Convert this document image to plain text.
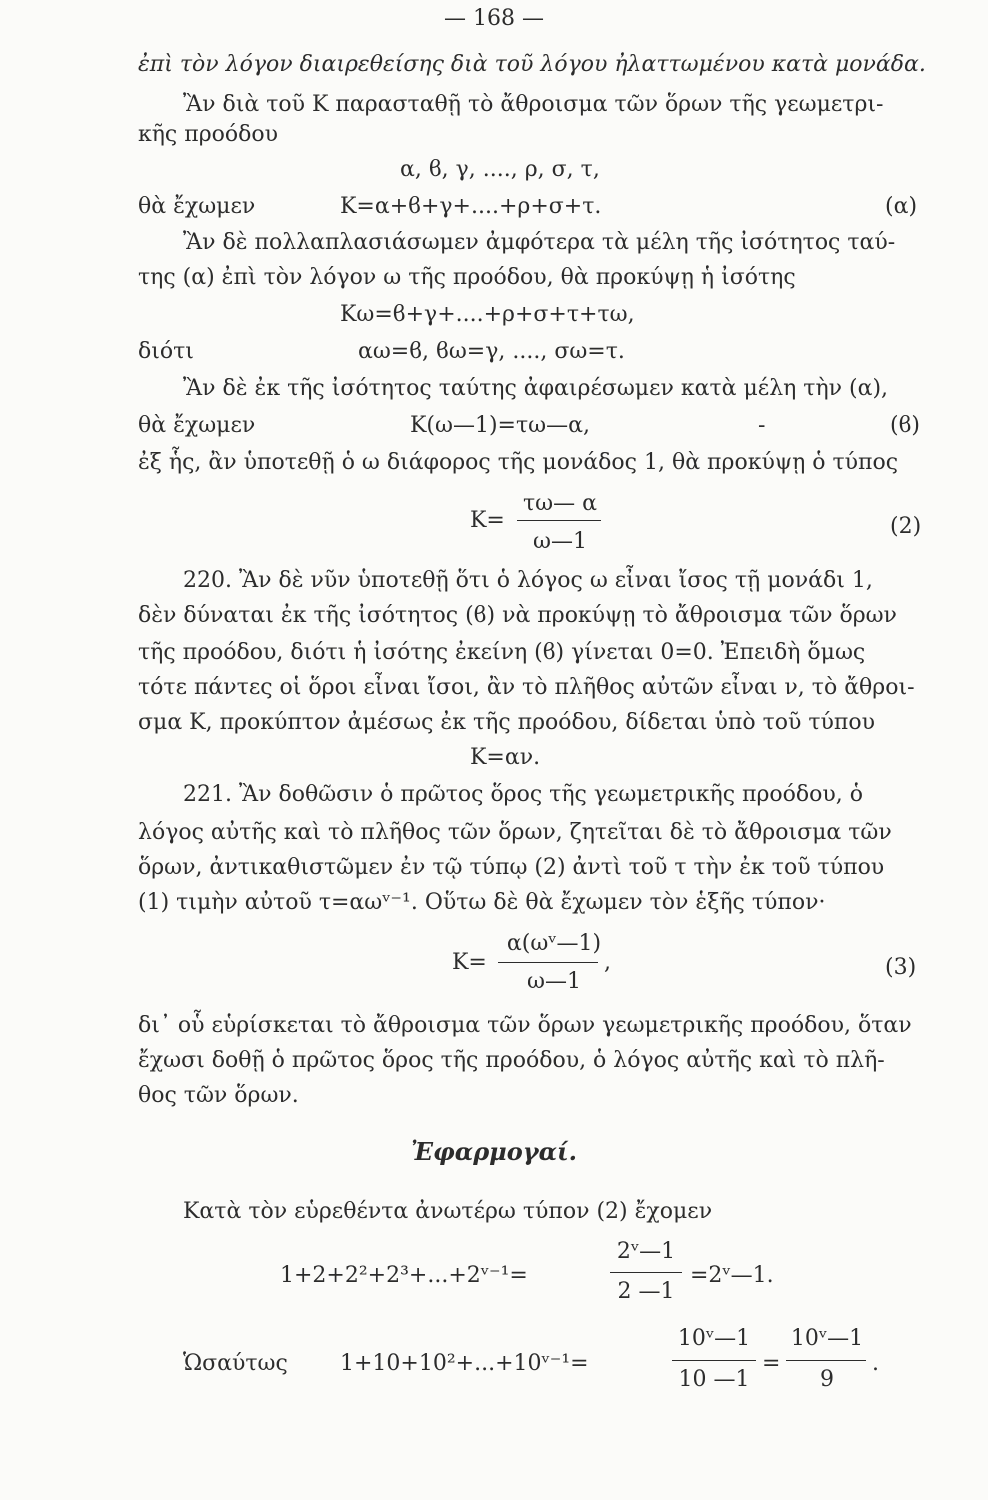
— 168 —
ἐπὶ τὸν λόγον διαιρεθείσης διὰ τοῦ λόγου ἠλαττωμένου κατὰ μονάδα.
Ἂν διὰ τοῦ Κ παρασταθῇ τὸ ἄθροισμα τῶν ὅρων τῆς γεωμετρι-
κῆς προόδου
α, ϐ, γ, ...., ρ, σ, τ,
θὰ ἔχωμεν	Κ=α+ϐ+γ+....+ρ+σ+τ.	(α)
Ἂν δὲ πολλαπλασιάσωμεν ἀμφότερα τὰ μέλη τῆς ἰσότητος ταύ-
της (α) ἐπὶ τὸν λόγον ω τῆς προόδου, θὰ προκύψῃ ἡ ἰσότης
Κω=ϐ+γ+....+ρ+σ+τ+τω,
διότι	αω=ϐ, ϐω=γ, ...., σω=τ.
Ἂν δὲ ἐκ τῆς ἰσότητος ταύτης ἀφαιρέσωμεν κατὰ μέλη τὴν (α),
θὰ ἔχωμεν	Κ(ω—1)=τω—α,	-	(ϐ)
ἐξ ἧς, ἂν ὑποτεθῇ ὁ ω διάφορος τῆς μονάδος 1, θὰ προκύψῃ ὁ τύπος
Κ=
τω— α
ω—1
(2)
220. Ἂν δὲ νῦν ὑποτεθῇ ὅτι ὁ λόγος ω εἶναι ἴσος τῇ μονάδι 1,
δὲν δύναται ἐκ τῆς ἰσότητος (ϐ) νὰ προκύψῃ τὸ ἄθροισμα τῶν ὅρων
τῆς προόδου, διότι ἡ ἰσότης ἐκείνη (ϐ) γίνεται 0=0. Ἐπειδὴ ὅμως
τότε πάντες οἱ ὅροι εἶναι ἴσοι, ἂν τὸ πλῆθος αὐτῶν εἶναι ν, τὸ ἄθροι-
σμα Κ, προκύπτον ἀμέσως ἐκ τῆς προόδου, δίδεται ὑπὸ τοῦ τύπου
Κ=αν.
221. Ἂν δοθῶσιν ὁ πρῶτος ὅρος τῆς γεωμετρικῆς προόδου, ὁ
λόγος αὐτῆς καὶ τὸ πλῆθος τῶν ὅρων, ζητεῖται δὲ τὸ ἄθροισμα τῶν
ὅρων, ἀντικαθιστῶμεν ἐν τῷ τύπῳ (2) ἀντὶ τοῦ τ τὴν ἐκ τοῦ τύπου
(1) τιμὴν αὐτοῦ τ=αωᵛ⁻¹. Οὕτω δὲ θὰ ἔχωμεν τὸν ἑξῆς τύπον·
Κ=
α(ωᵛ—1)
ω—1
,	(3)
δι᾽ οὗ εὑρίσκεται τὸ ἄθροισμα τῶν ὅρων γεωμετρικῆς προόδου, ὅταν
ἔχωσι δοθῇ ὁ πρῶτος ὅρος τῆς προόδου, ὁ λόγος αὐτῆς καὶ τὸ πλῆ-
θος τῶν ὅρων.
Ἐφαρμογαί.
Κατὰ τὸν εὑρεθέντα ἀνωτέρω τύπον (2) ἔχομεν
1+2+2²+2³+...+2ᵛ⁻¹=
2ᵛ—1
2 —1
=2ᵛ—1.
Ὡσαύτως 1+10+10²+...+10ᵛ⁻¹=
10ᵛ—1
10 —1
=
10ᵛ—1
9
.
